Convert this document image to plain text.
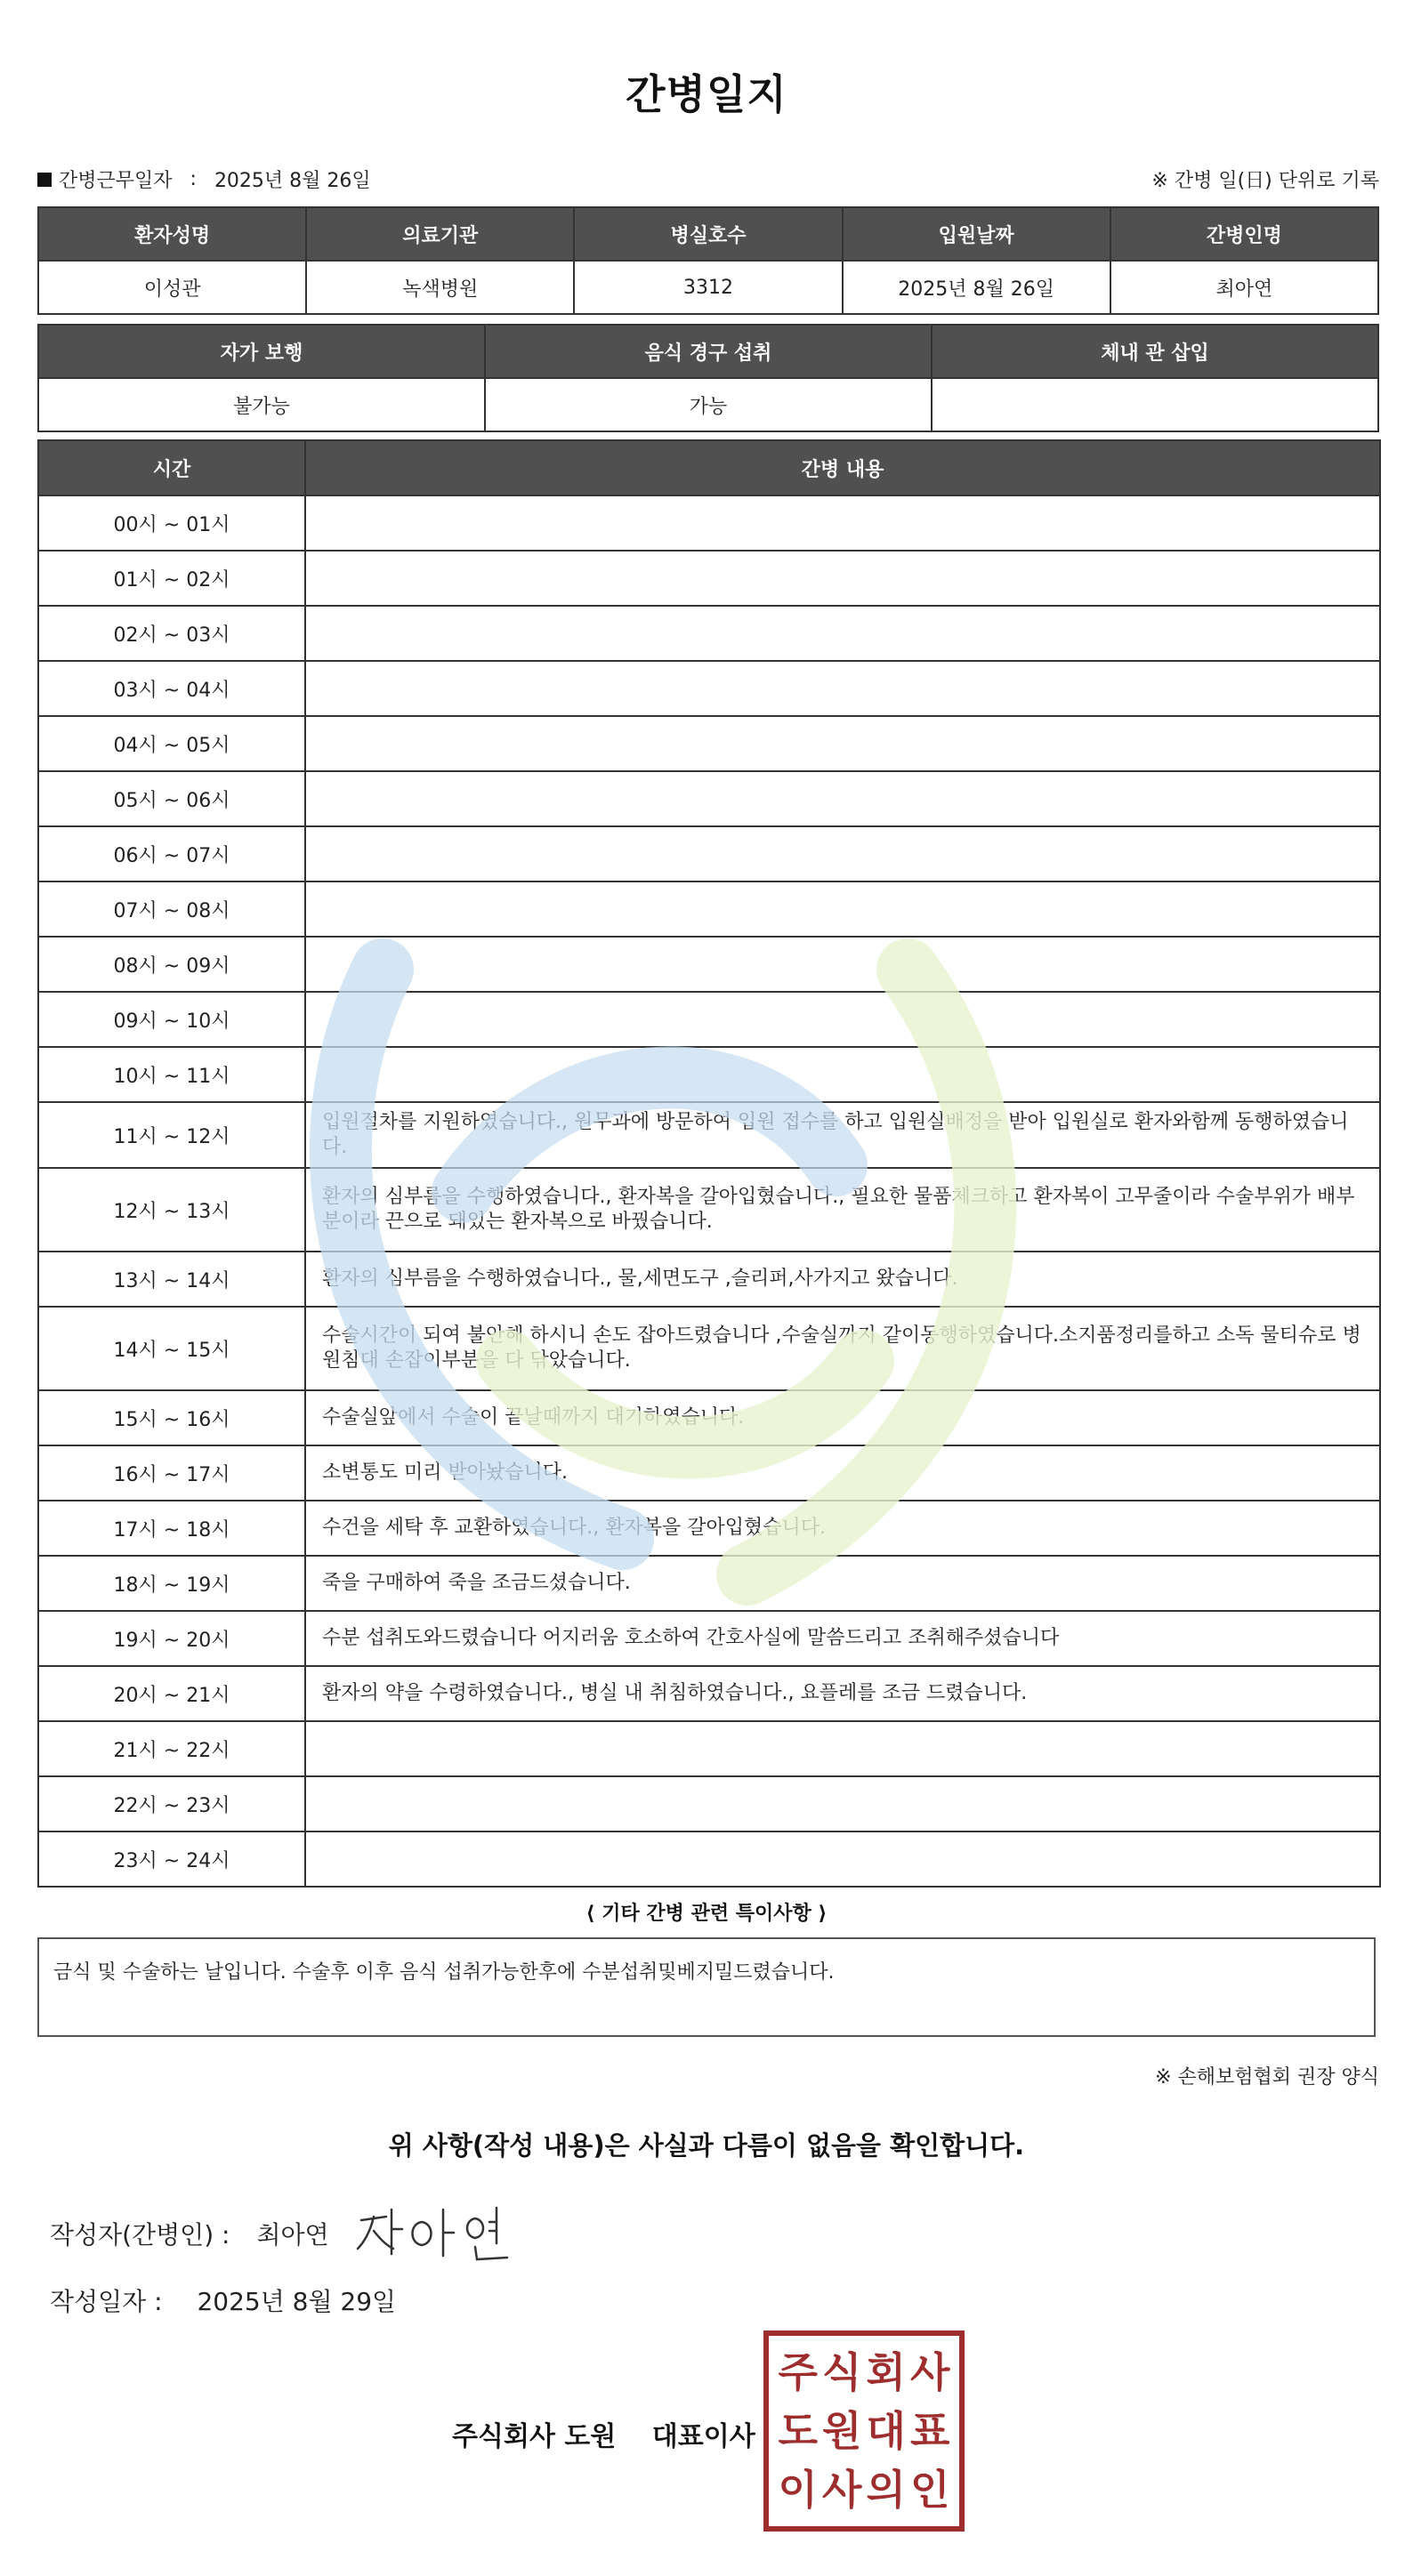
간병일지
간병근무일자 : 2025년 8월 26일	※ 간병 일(日) 단위로 기록
환자성명	의료기관	병실호수	입원날짜	간병인명
이성관	녹색병원	3312	2025년 8월 26일	최아연
자가 보행	음식 경구 섭취	체내 관 삽입
불가능	가능	
시간	간병 내용
00시 ~ 01시	
01시 ~ 02시	
02시 ~ 03시	
03시 ~ 04시	
04시 ~ 05시	
05시 ~ 06시	
06시 ~ 07시	
07시 ~ 08시	
08시 ~ 09시	
09시 ~ 10시	
10시 ~ 11시	
11시 ~ 12시	입원절차를 지원하였습니다., 원무과에 방문하여 입원 접수를 하고 입원실배정을 받아 입원실로 환자와함께 동행하였습니다.
12시 ~ 13시	환자의 심부름을 수행하였습니다., 환자복을 갈아입혔습니다., 필요한 물품체크하고 환자복이 고무줄이라 수술부위가 배부분이라 끈으로 돼있는 환자복으로 바꿨습니다.
13시 ~ 14시	환자의 심부름을 수행하였습니다., 물,세면도구 ,슬리퍼,사가지고 왔습니다.
14시 ~ 15시	수술시간이 되여 불안해 하시니 손도 잡아드렸습니다 ,수술실까지 같이동행하였습니다.소지품정리를하고 소독 물티슈로 병원침대 손잡이부분을 다 닦았습니다.
15시 ~ 16시	수술실앞에서 수술이 끝날때까지 대기하였습니다.
16시 ~ 17시	소변통도 미리 받아놨습니다.
17시 ~ 18시	수건을 세탁 후 교환하였습니다., 환자복을 갈아입혔습니다.
18시 ~ 19시	죽을 구매하여 죽을 조금드셨습니다.
19시 ~ 20시	수분 섭취도와드렸습니다 어지러움 호소하여 간호사실에 말씀드리고 조취해주셨습니다
20시 ~ 21시	환자의 약을 수령하였습니다., 병실 내 취침하였습니다., 요플레를 조금 드렸습니다.
21시 ~ 22시	
22시 ~ 23시	
23시 ~ 24시	
⟨ 기타 간병 관련 특이사항 ⟩
금식 및 수술하는 날입니다. 수술후 이후 음식 섭취가능한후에 수분섭취및베지밀드렸습니다.
※ 손해보험협회 권장 양식
위 사항(작성 내용)은 사실과 다름이 없음을 확인합니다.
작성자(간병인) : 최아연
작성일자 : 2025년 8월 29일
주식회사 도원 대표이사
주 식 회 사
도 원 대 표
이 사 의 인
